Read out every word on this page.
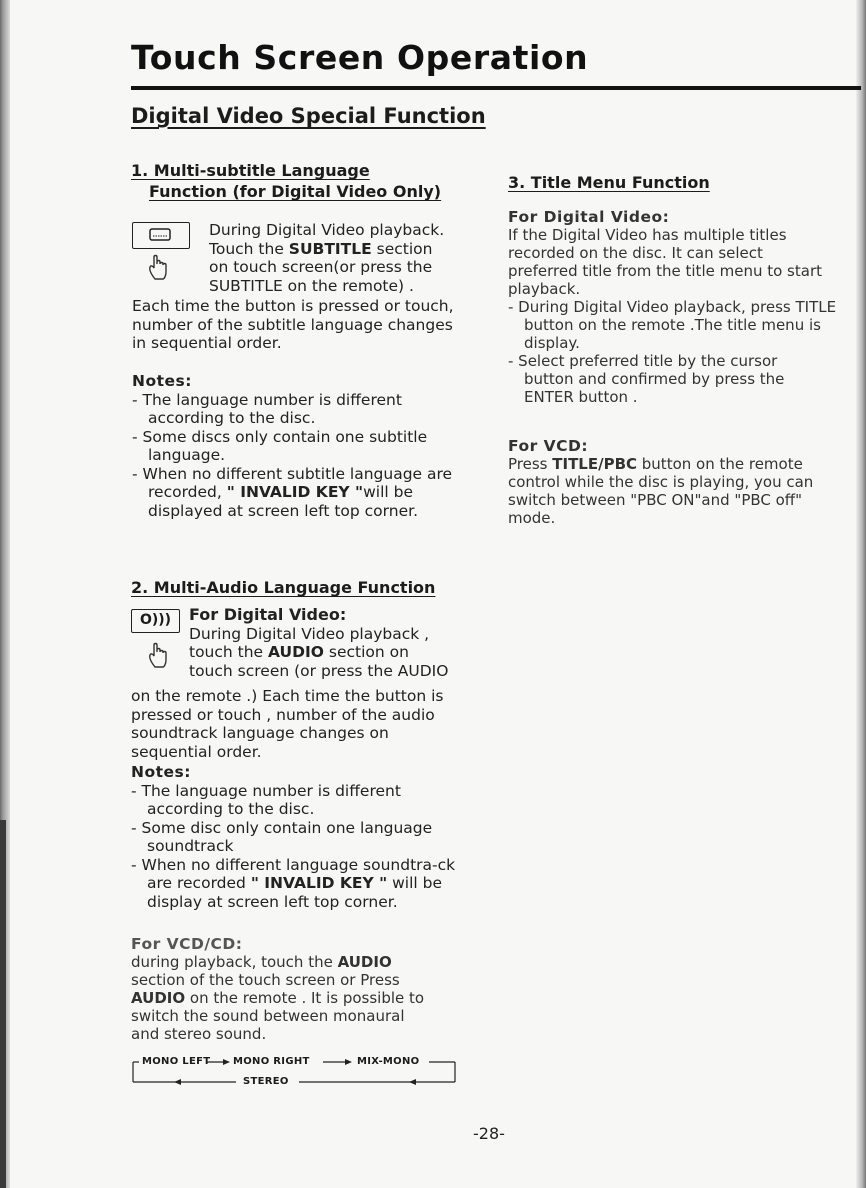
Touch Screen Operation
Digital Video Special Function
1. Multi-subtitle Language
Function (for Digital Video Only)
During Digital Video playback.
Touch the SUBTITLE section
on touch screen(or press the
SUBTITLE on the remote) .
Each time the button is pressed or touch,
number of the subtitle language changes
in sequential order.
Notes:

- The language number is different according to the disc.

- Some discs only contain one subtitle language.

- When no different subtitle language are recorded, " INVALID KEY "will be displayed at screen left top corner.

2. Multi-Audio Language Function
O)))	For Digital Video:
During Digital Video playback ,
touch the AUDIO section on
touch screen (or press the AUDIO
on the remote .) Each time the button is
pressed or touch , number of the audio
soundtrack language changes on
sequential order.
Notes:

- The language number is different according to the disc.

- Some disc only contain one language soundtrack

- When no different language soundtra-ck are recorded " INVALID KEY " will be display at screen left top corner.

For VCD/CD:
during playback, touch the AUDIO
section of the touch screen or Press
AUDIO on the remote . It is possible to
switch the sound between monaural
and stereo sound.
MONO LEFT MONO RIGHT	MIX-MONO
STEREO
3. Title Menu Function
For Digital Video:
If the Digital Video has multiple titles
recorded on the disc. It can select
preferred title from the title menu to start
playback.

- During Digital Video playback, press TITLE button on the remote .The title menu is display.

- Select preferred title by the cursor button and confirmed by press the ENTER button .

For VCD:
Press TITLE/PBC button on the remote
control while the disc is playing, you can
switch between "PBC ON"and "PBC off"
mode.
-28-
